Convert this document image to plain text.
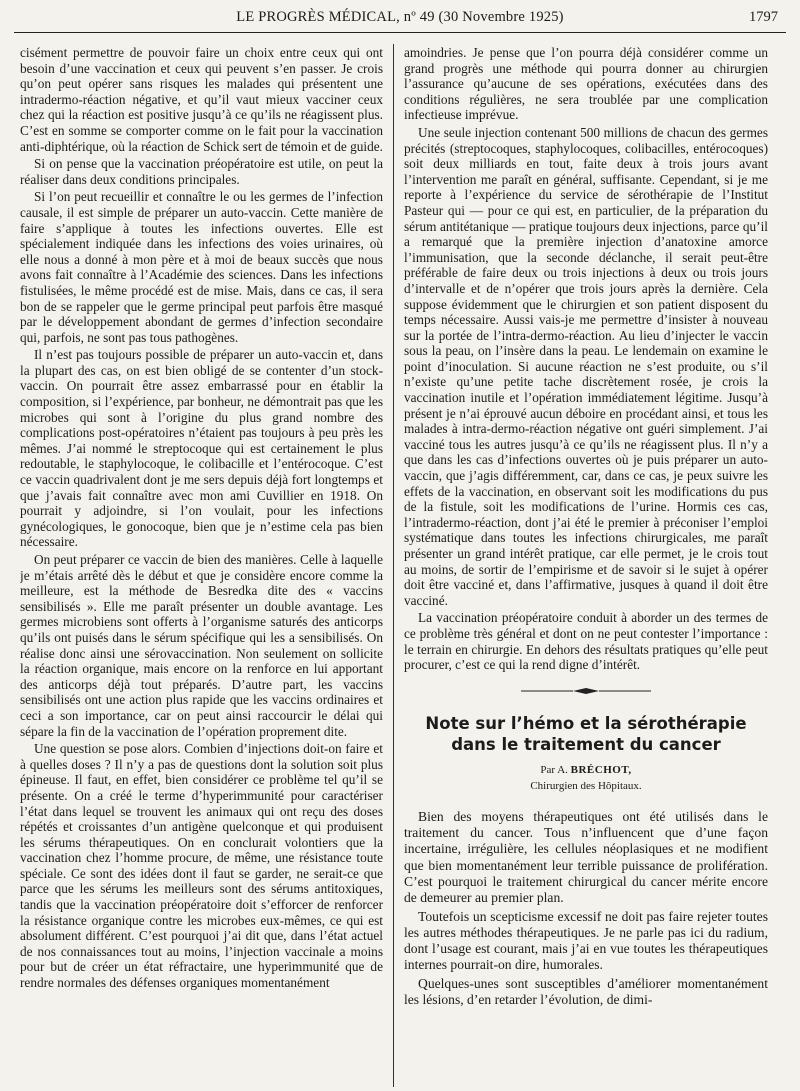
LE PROGRÈS MÉDICAL, nº 49 (30 Novembre 1925)	1797

cisément permettre de pouvoir faire un choix entre ceux qui ont besoin d’une vaccination et ceux qui peuvent s’en passer. Je crois qu’on peut opérer sans risques les malades qui présentent une intradermo-réaction négative, et qu’il vaut mieux vacciner ceux chez qui la réaction est positive jusqu’à ce qu’ils ne réagissent plus. C’est en somme se comporter comme on le fait pour la vaccination anti-diphtérique, où la réaction de Schick sert de témoin et de guide.

Si on pense que la vaccination préopératoire est utile, on peut la réaliser dans deux conditions principales.

Si l’on peut recueillir et connaître le ou les germes de l’infection causale, il est simple de préparer un auto-vaccin. Cette manière de faire s’applique à toutes les infections ouvertes. Elle est spécialement indiquée dans les infections des voies urinaires, où elle nous a donné à mon père et à moi de beaux succès que nous avons fait connaître à l’Académie des sciences. Dans les infections fistulisées, le même procédé est de mise. Mais, dans ce cas, il sera bon de se rappeler que le germe principal peut parfois être masqué par le développement abondant de germes d’infection secondaire qui, parfois, ne sont pas tous pathogènes.

Il n’est pas toujours possible de préparer un auto-vaccin et, dans la plupart des cas, on est bien obligé de se contenter d’un stock-vaccin. On pourrait être assez embarrassé pour en établir la composition, si l’expérience, par bonheur, ne démontrait pas que les microbes qui sont à l’origine du plus grand nombre des complications post-opératoires n’étaient pas toujours à peu près les mêmes. J’ai nommé le streptocoque qui est certainement le plus redoutable, le staphylocoque, le colibacille et l’entérocoque. C’est ce vaccin quadrivalent dont je me sers depuis déjà fort longtemps et que j’avais fait connaître avec mon ami Cuvillier en 1918. On pourrait y adjoindre, si l’on voulait, pour les infections gynécologiques, le gonocoque, bien que je n’estime cela pas bien nécessaire.

On peut préparer ce vaccin de bien des manières. Celle à laquelle je m’étais arrêté dès le début et que je considère encore comme la meilleure, est la méthode de Besredka dite des « vaccins sensibilisés ». Elle me paraît présenter un double avantage. Les germes microbiens sont offerts à l’organisme saturés des anticorps qu’ils ont puisés dans le sérum spécifique qui les a sensibilisés. On réalise donc ainsi une sérovaccination. Non seulement on sollicite la réaction organique, mais encore on la renforce en lui apportant des anticorps déjà tout préparés. D’autre part, les vaccins sensibilisés ont une action plus rapide que les vaccins ordinaires et ceci a son importance, car on peut ainsi raccourcir le délai qui sépare la fin de la vaccination de l’opération proprement dite.

Une question se pose alors. Combien d’injections doit-on faire et à quelles doses ? Il n’y a pas de questions dont la solution soit plus épineuse. Il faut, en effet, bien considérer ce problème tel qu’il se présente. On a créé le terme d’hyperimmunité pour caractériser l’état dans lequel se trouvent les animaux qui ont reçu des doses répétés et croissantes d’un antigène quelconque et qui produisent les sérums thérapeutiques. On en conclurait volontiers que la vaccination chez l’homme procure, de même, une résistance toute spéciale. Ce sont des idées dont il faut se garder, ne serait-ce que parce que les sérums les meilleurs sont des sérums antitoxiques, tandis que la vaccination préopératoire doit s’efforcer de renforcer la résistance organique contre les microbes eux-mêmes, ce qui est absolument différent. C’est pourquoi j’ai dit que, dans l’état actuel de nos connaissances tout au moins, l’injection vaccinale a moins pour but de créer un état réfractaire, une hyperimmunité que de rendre normales des défenses organiques momentanément

amoindries. Je pense que l’on pourra déjà considérer comme un grand progrès une méthode qui pourra donner au chirurgien l’assurance qu’aucune de ses opérations, exécutées dans des conditions régulières, ne sera troublée par une complication infectieuse imprévue.

Une seule injection contenant 500 millions de chacun des germes précités (streptocoques, staphylocoques, colibacilles, entérocoques) soit deux milliards en tout, faite deux à trois jours avant l’intervention me paraît en général, suffisante. Cependant, si je me reporte à l’expérience du service de sérothérapie de l’Institut Pasteur qui — pour ce qui est, en particulier, de la préparation du sérum antitétanique — pratique toujours deux injections, parce qu’il a remarqué que la première injection d’anatoxine amorce l’immunisation, que la seconde déclanche, il serait peut-être préférable de faire deux ou trois injections à deux ou trois jours d’intervalle et de n’opérer que trois jours après la dernière. Cela suppose évidemment que le chirurgien et son patient disposent du temps nécessaire. Aussi vais-je me permettre d’insister à nouveau sur la portée de l’intra-dermo-réaction. Au lieu d’injecter le vaccin sous la peau, on l’insère dans la peau. Le lendemain on examine le point d’inoculation. Si aucune réaction ne s’est produite, ou s’il n’existe qu’une petite tache discrètement rosée, je crois la vaccination inutile et l’opération immédiatement légitime. Jusqu’à présent je n’ai éprouvé aucun déboire en procédant ainsi, et tous les malades à intra-dermo-réaction négative ont guéri simplement. J’ai vacciné tous les autres jusqu’à ce qu’ils ne réagissent plus. Il n’y a que dans les cas d’infections ouvertes où je puis préparer un auto-vaccin, que j’agis différemment, car, dans ce cas, je peux suivre les effets de la vaccination, en observant soit les modifications du pus de la fistule, soit les modifications de l’urine. Hormis ces cas, l’intradermo-réaction, dont j’ai été le premier à préconiser l’emploi systématique dans toutes les infections chirurgicales, me paraît présenter un grand intérêt pratique, car elle permet, je le crois tout au moins, de sortir de l’empirisme et de savoir si le sujet à opérer doit être vacciné et, dans l’affirmative, jusques à quand il doit être vacciné.

La vaccination préopératoire conduit à aborder un des termes de ce problème très général et dont on ne peut contester l’importance : le terrain en chirurgie. En dehors des résultats pratiques qu’elle peut procurer, c’est ce qui la rend digne d’intérêt.

Note sur l’hémo et la sérothérapie
dans le traitement du cancer
Par A. BRÉCHOT,
Chirurgien des Hôpitaux.

Bien des moyens thérapeutiques ont été utilisés dans le traitement du cancer. Tous n’influencent que d’une façon incertaine, irrégulière, les cellules néoplasiques et ne modifient que bien momentanément leur terrible puissance de prolifération. C’est pourquoi le traitement chirurgical du cancer mérite encore de demeurer au premier plan.

Toutefois un scepticisme excessif ne doit pas faire rejeter toutes les autres méthodes thérapeutiques. Je ne parle pas ici du radium, dont l’usage est courant, mais j’ai en vue toutes les thérapeutiques internes pourrait-on dire, humorales.

Quelques-unes sont susceptibles d’améliorer momentanément les lésions, d’en retarder l’évolution, de dimi-
